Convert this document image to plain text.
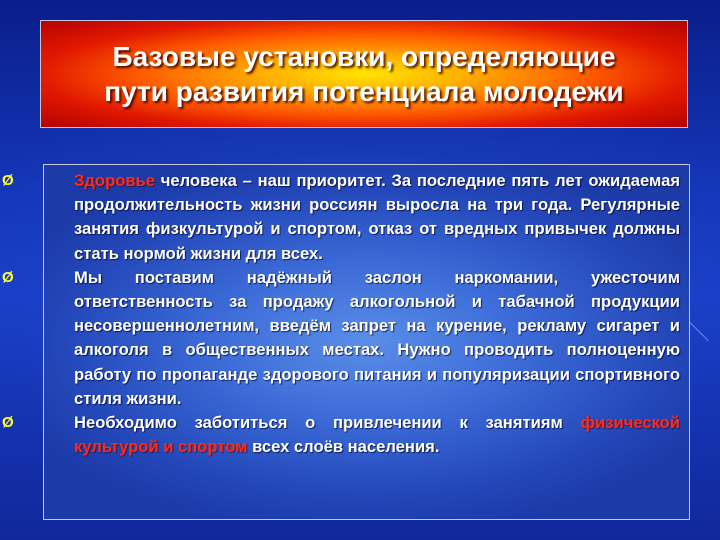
Базовые установки, определяющие
пути развития потенциала молодежи
Ø	Здоровье человека – наш приоритет. За последние пять лет ожидаемая продолжительность жизни россиян выросла на три года. Регулярные занятия физкультурой и спортом, отказ от вредных привычек должны стать нормой жизни для всех.
Ø	Мы поставим надёжный заслон наркомании, ужесточим ответственность за продажу алкогольной и табачной продукции несовершеннолетним, введём запрет на курение, рекламу сигарет и алкоголя в общественных местах. Нужно проводить полноценную работу по пропаганде здорового питания и популяризации спортивного стиля жизни.
Ø	Необходимо заботиться о привлечении к занятиям физической культурой и спортом всех слоёв населения.
